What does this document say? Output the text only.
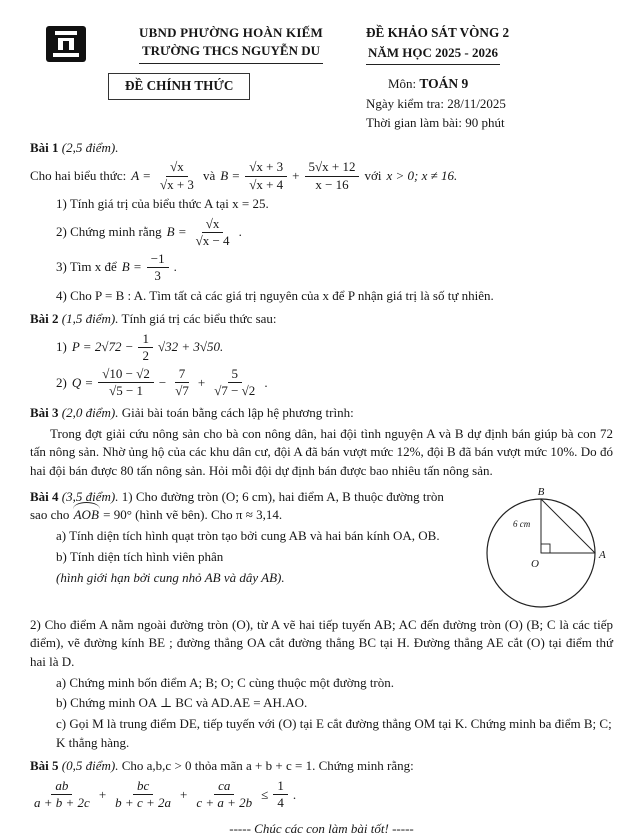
UBND PHƯỜNG HOÀN KIẾM
TRƯỜNG THCS NGUYỄN DU
ĐỀ CHÍNH THỨC
ĐỀ KHẢO SÁT VÒNG 2
NĂM HỌC 2025 - 2026
Môn: TOÁN 9
Ngày kiểm tra: 28/11/2025
Thời gian làm bài: 90 phút

Bài 1 (2,5 điểm).

Cho hai biểu thức: $A = \frac{√x}{√x + 3}$ và $B = \frac{√x + 3}{√x + 4} + \frac{5√x + 12}{x - 16}$ với x > 0; x ≠ 16.

1) Tính giá trị của biểu thức A tại x = 25.

2) Chứng minh rằng $B = \frac{√x}{√x - 4}$ .
3) Tìm x để $B = \frac{-1}{3}$ .

4) Cho P = B : A. Tìm tất cả các giá trị nguyên của x để P nhận giá trị là số tự nhiên.

Bài 2 (1,5 điểm). Tính giá trị các biểu thức sau:

1) $P = 2√72 - \frac{1}{2} √32 + 3√50$.
2) $Q = \frac{√10 - √2}{√5 - 1} - \frac{7}{√7} + \frac{5}{√7 - √2}$ .

Bài 3 (2,0 điểm). Giải bài toán bằng cách lập hệ phương trình:

Trong đợt giải cứu nông sản cho bà con nông dân, hai đội tình nguyện A và B dự định bán giúp bà con 72 tấn nông sản. Nhờ ủng hộ của các khu dân cư, đội A đã bán vượt mức 12%, đội B đã bán vượt mức 10%. Do đó hai đội bán được 80 tấn nông sản. Hỏi mỗi đội dự định bán được bao nhiêu tấn nông sản.

Bài 4 (3,5 điểm). 1) Cho đường tròn (O; 6 cm), hai điểm A, B thuộc đường tròn sao cho AOB = 90° (hình vẽ bên). Cho π ≈ 3,14.

a) Tính diện tích hình quạt tròn tạo bởi cung AB và hai bán kính OA, OB.

b) Tính diện tích hình viên phân

(hình giới hạn bởi cung nhỏ AB và dây AB).

B
O
A
6 cm

2) Cho điểm A nằm ngoài đường tròn (O), từ A vẽ hai tiếp tuyến AB; AC đến đường tròn (O) (B; C là các tiếp điểm), vẽ đường kính BE ; đường thẳng OA cắt đường thẳng BC tại H. Đường thẳng AE cắt (O) tại điểm thứ hai là D.

a) Chứng minh bốn điểm A; B; O; C cùng thuộc một đường tròn.

b) Chứng minh OA ⊥ BC và AD.AE = AH.AO.

c) Gọi M là trung điểm DE, tiếp tuyến với (O) tại E cắt đường thẳng OM tại K. Chứng minh ba điểm B; C; K thẳng hàng.

Bài 5 (0,5 điểm). Cho a,b,c > 0 thỏa mãn a + b + c = 1. Chứng minh rằng:

$\frac{ab}{a + b + 2c} + \frac{bc}{b + c + 2a} + \frac{ca}{c + a + 2b} \le \frac{1}{4}$ .

----- Chúc các con làm bài tốt! -----
